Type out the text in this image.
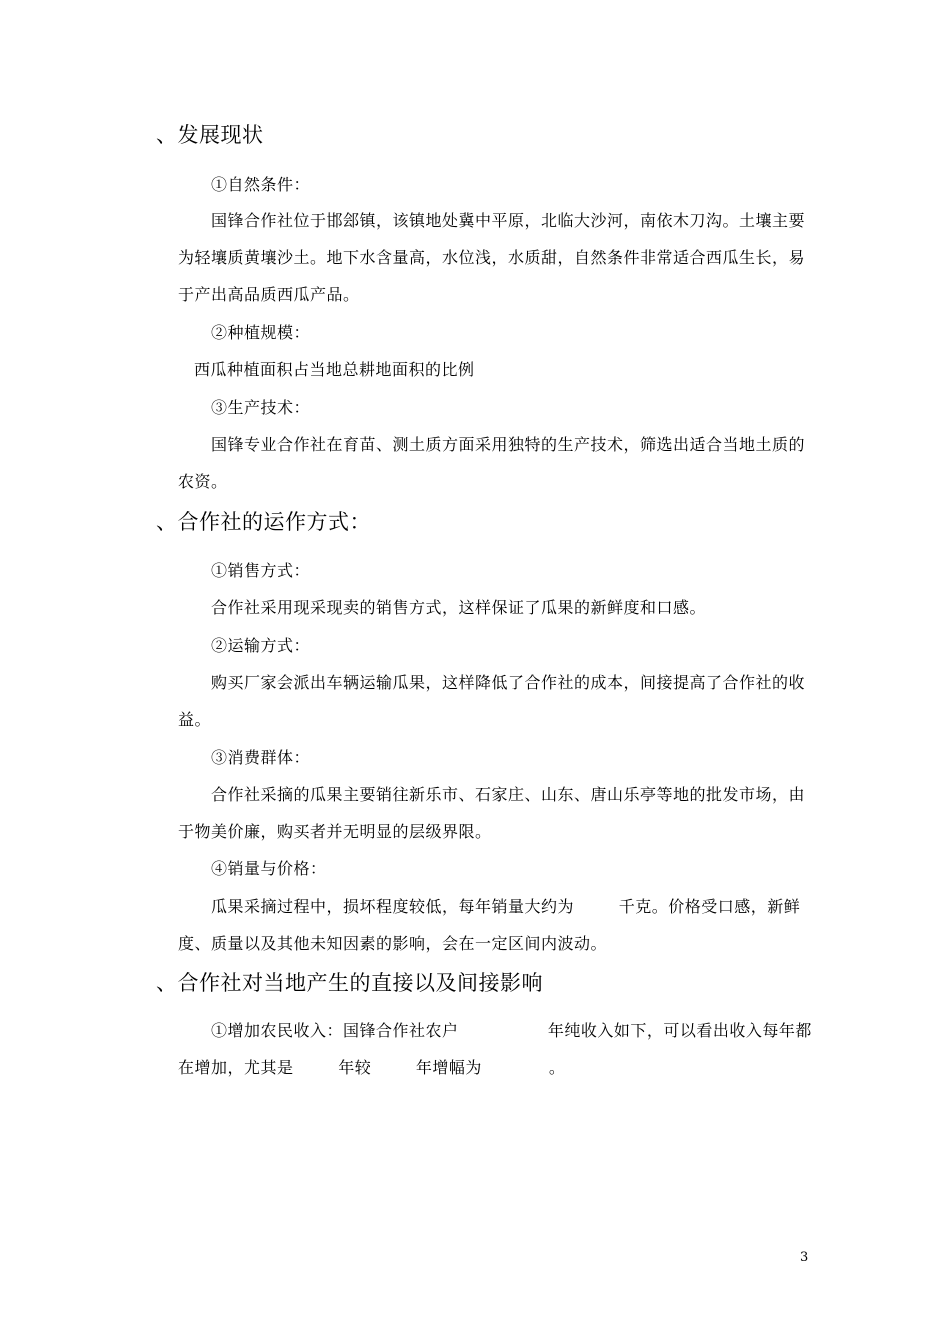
、发展现状
①自然条件：
国锋合作社位于邯郐镇，该镇地处冀中平原，北临大沙河，南依木刀沟。土壤主要
为轻壤质黄壤沙土。地下水含量高，水位浅，水质甜，自然条件非常适合西瓜生长，易
于产出高品质西瓜产品。
②种植规模：
西瓜种植面积占当地总耕地面积的比例
③生产技术：
国锋专业合作社在育苗、测土质方面采用独特的生产技术，筛选出适合当地土质的
农资。
、合作社的运作方式：
①销售方式：
合作社采用现采现卖的销售方式，这样保证了瓜果的新鲜度和口感。
②运输方式：
购买厂家会派出车辆运输瓜果，这样降低了合作社的成本，间接提高了合作社的收
益。
③消费群体：
合作社采摘的瓜果主要销往新乐市、石家庄、山东、唐山乐亭等地的批发市场，由
于物美价廉，购买者并无明显的层级界限。
④销量与价格：
瓜果采摘过程中，损坏程度较低，每年销量大约为        千克。价格受口感，新鲜
度、质量以及其他未知因素的影响，会在一定区间内波动。
、合作社对当地产生的直接以及间接影响
①增加农民收入：国锋合作社农户                年纯收入如下，可以看出收入每年都
在增加，尤其是        年较        年增幅为            。
3
